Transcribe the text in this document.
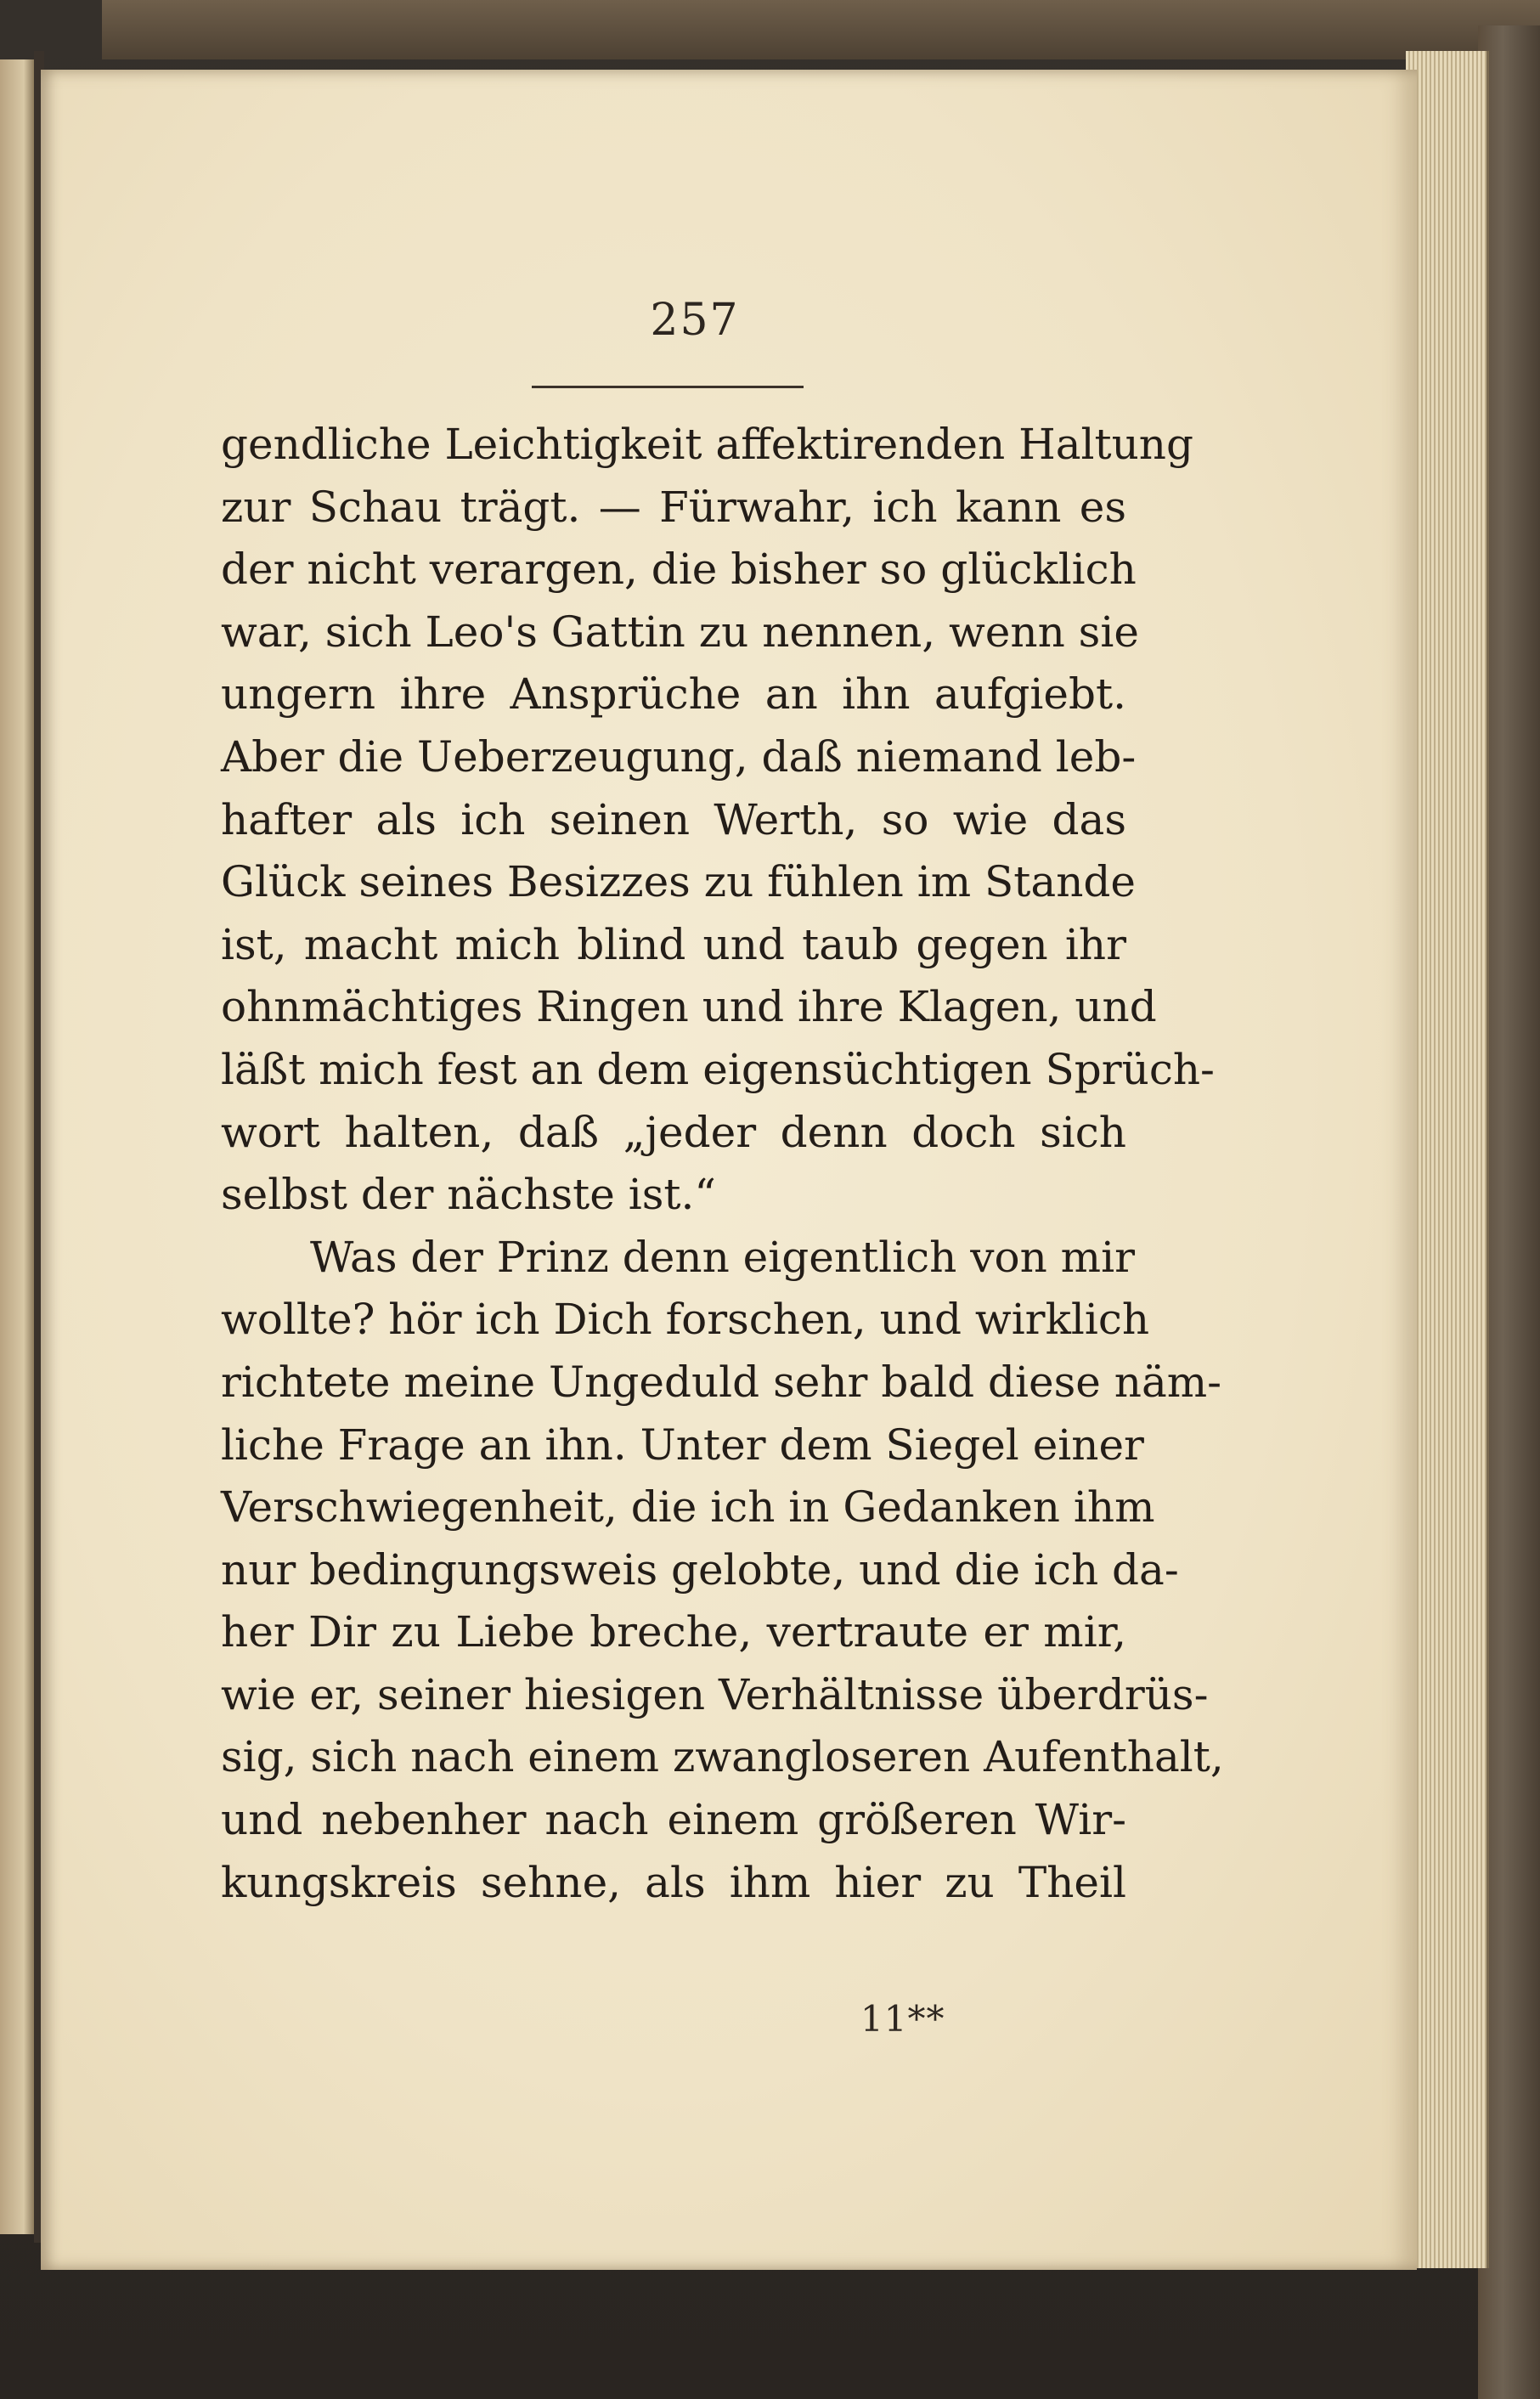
257
gendliche Leichtigkeit affektirenden Haltung
zur Schau trägt. — Fürwahr, ich kann es
der nicht verargen, die bisher so glücklich
war, sich Leo's Gattin zu nennen, wenn sie
ungern ihre Ansprüche an ihn aufgiebt.
Aber die Ueberzeugung, daß niemand leb-
hafter als ich seinen Werth, so wie das
Glück seines Besizzes zu fühlen im Stande
ist, macht mich blind und taub gegen ihr
ohnmächtiges Ringen und ihre Klagen, und
läßt mich fest an dem eigensüchtigen Sprüch-
wort halten, daß „jeder denn doch sich
selbst der nächste ist.“
Was der Prinz denn eigentlich von mir
wollte? hör ich Dich forschen, und wirklich
richtete meine Ungeduld sehr bald diese näm-
liche Frage an ihn. Unter dem Siegel einer
Verschwiegenheit, die ich in Gedanken ihm
nur bedingungsweis gelobte, und die ich da-
her Dir zu Liebe breche, vertraute er mir,
wie er, seiner hiesigen Verhältnisse überdrüs-
sig, sich nach einem zwangloseren Aufenthalt,
und nebenher nach einem größeren Wir-
kungskreis sehne, als ihm hier zu Theil
11**
